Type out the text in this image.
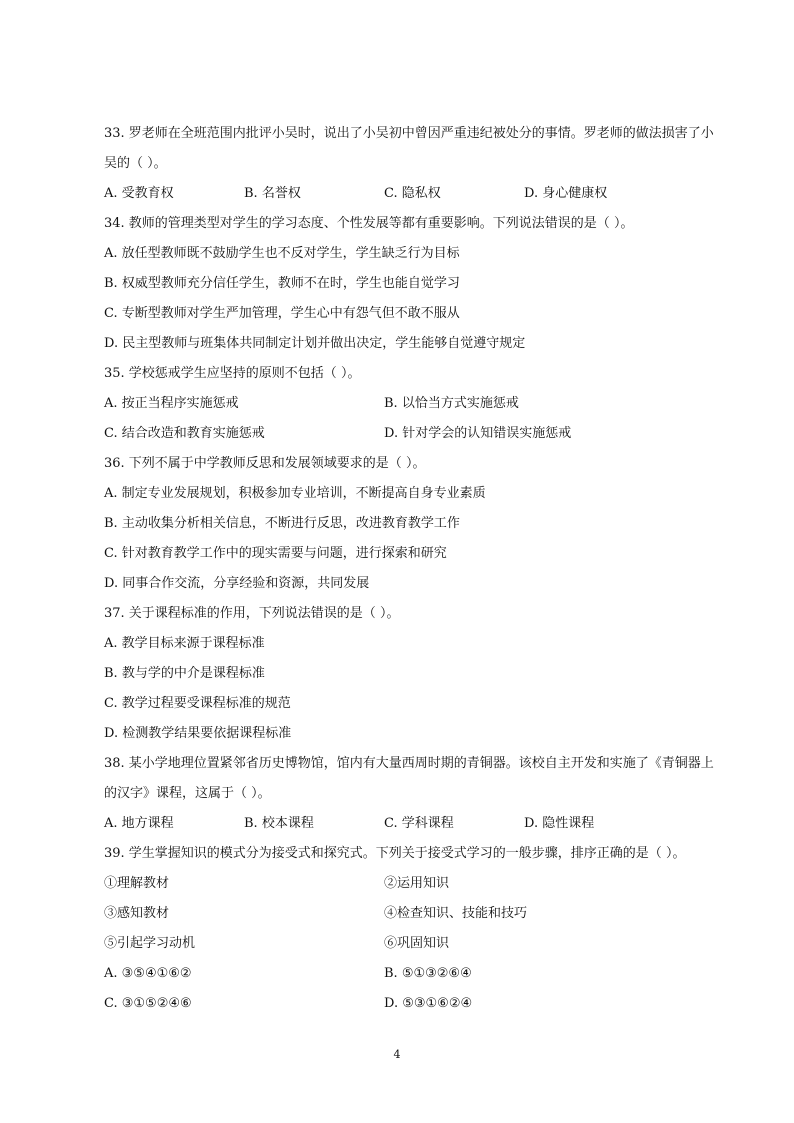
33. 罗老师在全班范围内批评小吴时，说出了小吴初中曾因严重违纪被处分的事情。罗老师的做法损害了小
吴的（ ）。
A. 受教育权	B. 名誉权	C. 隐私权	D. 身心健康权
34. 教师的管理类型对学生的学习态度、个性发展等都有重要影响。下列说法错误的是（ ）。
A. 放任型教师既不鼓励学生也不反对学生，学生缺乏行为目标
B. 权威型教师充分信任学生，教师不在时，学生也能自觉学习
C. 专断型教师对学生严加管理，学生心中有怨气但不敢不服从
D. 民主型教师与班集体共同制定计划并做出决定，学生能够自觉遵守规定
35. 学校惩戒学生应坚持的原则不包括（ ）。
A. 按正当程序实施惩戒	B. 以恰当方式实施惩戒
C. 结合改造和教育实施惩戒	D. 针对学会的认知错误实施惩戒
36. 下列不属于中学教师反思和发展领域要求的是（ ）。
A. 制定专业发展规划，积极参加专业培训，不断提高自身专业素质
B. 主动收集分析相关信息，不断进行反思，改进教育教学工作
C. 针对教育教学工作中的现实需要与问题，进行探索和研究
D. 同事合作交流，分享经验和资源，共同发展
37. 关于课程标准的作用，下列说法错误的是（ ）。
A. 教学目标来源于课程标准
B. 教与学的中介是课程标准
C. 教学过程要受课程标准的规范
D. 检测教学结果要依据课程标准
38. 某小学地理位置紧邻省历史博物馆，馆内有大量西周时期的青铜器。该校自主开发和实施了《青铜器上
的汉字》课程，这属于（ ）。
A. 地方课程	B. 校本课程	C. 学科课程	D. 隐性课程
39. 学生掌握知识的模式分为接受式和探究式。下列关于接受式学习的一般步骤，排序正确的是（ ）。
①理解教材	②运用知识
③感知教材	④检查知识、技能和技巧
⑤引起学习动机	⑥巩固知识
A. ③⑤④①⑥②	B. ⑤①③②⑥④
C. ③①⑤②④⑥	D. ⑤③①⑥②④
4
